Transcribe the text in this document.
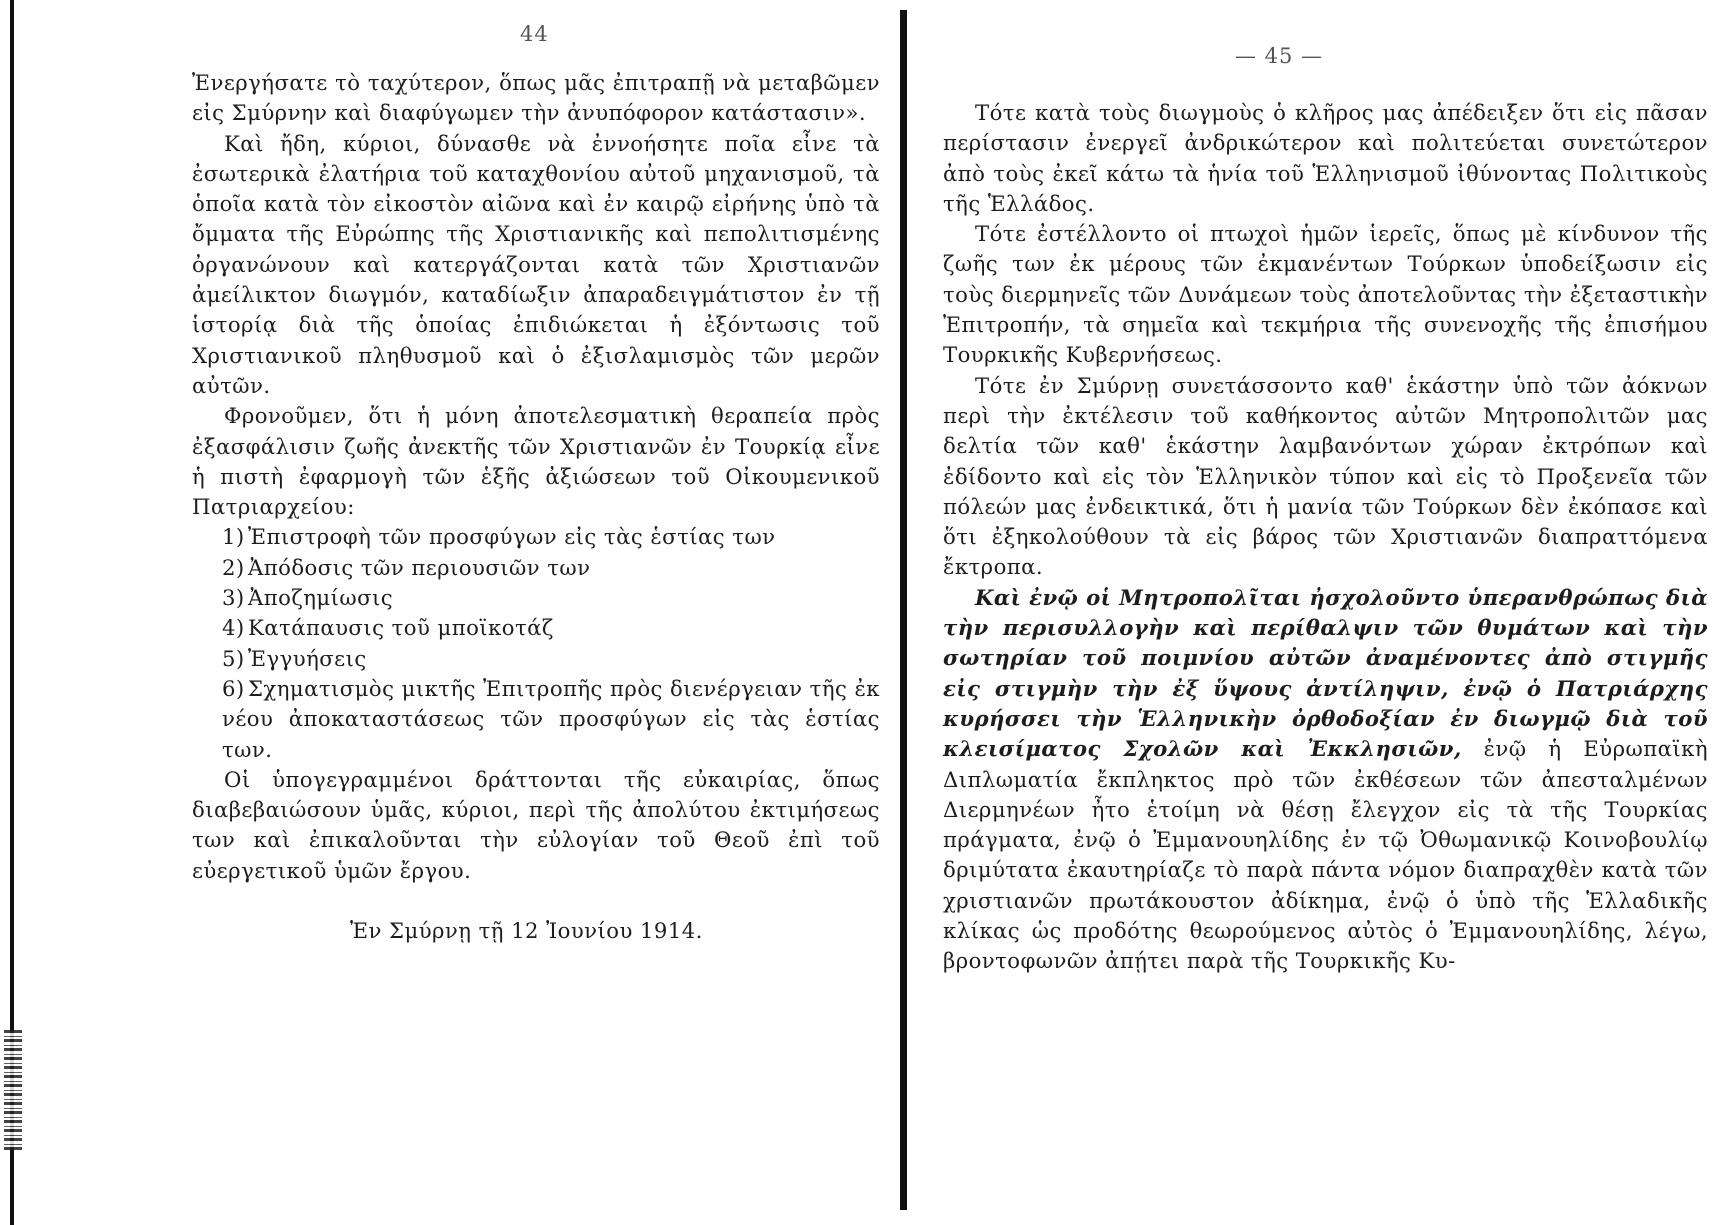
44

Ἐνεργήσατε τὸ ταχύτερον, ὅπως μᾶς ἐπιτραπῇ νὰ μεταβῶμεν εἰς Σμύρνην καὶ διαφύγωμεν τὴν ἀνυπόφορον κατάστασιν».

Καὶ ἤδη, κύριοι, δύνασθε νὰ ἐννοήσητε ποῖα εἶνε τὰ ἐσωτερικὰ ἐλατήρια τοῦ καταχθονίου αὐτοῦ μηχανισμοῦ, τὰ ὁποῖα κατὰ τὸν εἰκοστὸν αἰῶνα καὶ ἐν καιρῷ εἰρήνης ὑπὸ τὰ ὄμματα τῆς Εὐρώπης τῆς Χριστιανικῆς καὶ πεπολιτισμένης ὀργανώνουν καὶ κατεργάζονται κατὰ τῶν Χριστιανῶν ἀμείλικτον διωγμόν, καταδίωξιν ἀπαραδειγμάτιστον ἐν τῇ ἱστορίᾳ διὰ τῆς ὁποίας ἐπιδιώκεται ἡ ἐξόντωσις τοῦ Χριστιανικοῦ πληθυσμοῦ καὶ ὁ ἐξισλαμισμὸς τῶν μερῶν αὐτῶν.

Φρονοῦμεν, ὅτι ἡ μόνη ἀποτελεσματικὴ θεραπεία πρὸς ἐξασφάλισιν ζωῆς ἀνεκτῆς τῶν Χριστιανῶν ἐν Τουρκίᾳ εἶνε ἡ πιστὴ ἐφαρμογὴ τῶν ἑξῆς ἀξιώσεων τοῦ Οἰκουμενικοῦ Πατριαρχείου:

1) Ἐπιστροφὴ τῶν προσφύγων εἰς τὰς ἑστίας των
2) Ἀπόδοσις τῶν περιουσιῶν των
3) Ἀποζημίωσις
4) Κατάπαυσις τοῦ μποϊκοτάζ
5) Ἐγγυήσεις
6) Σχηματισμὸς μικτῆς Ἐπιτροπῆς πρὸς διενέργειαν τῆς ἐκ νέου ἀποκαταστάσεως τῶν προσφύγων εἰς τὰς ἑστίας των.

Οἱ ὑπογεγραμμένοι δράττονται τῆς εὐκαιρίας, ὅπως διαβεβαιώσουν ὑμᾶς, κύριοι, περὶ τῆς ἀπολύτου ἐκτιμήσεως των καὶ ἐπικαλοῦνται τὴν εὐλογίαν τοῦ Θεοῦ ἐπὶ τοῦ εὐεργετικοῦ ὑμῶν ἔργου.

Ἐν Σμύρνῃ τῇ 12 Ἰουνίου 1914.

— 45 —

Τότε κατὰ τοὺς διωγμοὺς ὁ κλῆρος μας ἀπέδειξεν ὅτι εἰς πᾶσαν περίστασιν ἐνεργεῖ ἀνδρικώτερον καὶ πολιτεύεται συνετώτερον ἀπὸ τοὺς ἐκεῖ κάτω τὰ ἡνία τοῦ Ἑλληνισμοῦ ἰθύνοντας Πολιτικοὺς τῆς Ἑλλάδος.

Τότε ἐστέλλοντο οἱ πτωχοὶ ἡμῶν ἱερεῖς, ὅπως μὲ κίνδυνον τῆς ζωῆς των ἐκ μέρους τῶν ἐκμανέντων Τούρκων ὑποδείξωσιν εἰς τοὺς διερμηνεῖς τῶν Δυνάμεων τοὺς ἀποτελοῦντας τὴν ἐξεταστικὴν Ἐπιτροπήν, τὰ σημεῖα καὶ τεκμήρια τῆς συνενοχῆς τῆς ἐπισήμου Τουρκικῆς Κυβερνήσεως.

Τότε ἐν Σμύρνῃ συνετάσσοντο καθ' ἑκάστην ὑπὸ τῶν ἀόκνων περὶ τὴν ἐκτέλεσιν τοῦ καθήκοντος αὐτῶν Μητροπολιτῶν μας δελτία τῶν καθ' ἑκάστην λαμβανόντων χώραν ἐκτρόπων καὶ ἐδίδοντο καὶ εἰς τὸν Ἑλληνικὸν τύπον καὶ εἰς τὸ Προξενεῖα τῶν πόλεών μας ἐνδεικτικά, ὅτι ἡ μανία τῶν Τούρκων δὲν ἐκόπασε καὶ ὅτι ἐξηκολούθουν τὰ εἰς βάρος τῶν Χριστιανῶν διαπραττόμενα ἔκτροπα.

Καὶ ἐνῷ οἱ Μητροπολῖται ἠσχολοῦντο ὑπερανθρώπως διὰ τὴν περισυλλογὴν καὶ περίθαλψιν τῶν θυμάτων καὶ τὴν σωτηρίαν τοῦ ποιμνίου αὐτῶν ἀναμένοντες ἀπὸ στιγμῆς εἰς στιγμὴν τὴν ἐξ ὕψους ἀντίληψιν, ἐνῷ ὁ Πατριάρχης κυρήσσει τὴν Ἑλληνικὴν ὀρθοδοξίαν ἐν διωγμῷ διὰ τοῦ κλεισίματος Σχολῶν καὶ Ἐκκλησιῶν, ἐνῷ ἡ Εὐρωπαϊκὴ Διπλωματία ἔκπληκτος πρὸ τῶν ἐκθέσεων τῶν ἀπεσταλμένων Διερμηνέων ἦτο ἑτοίμη νὰ θέσῃ ἔλεγχον εἰς τὰ τῆς Τουρκίας πράγματα, ἐνῷ ὁ Ἐμμανουηλίδης ἐν τῷ Ὀθωμανικῷ Κοινοβουλίῳ δριμύτατα ἐκαυτηρίαζε τὸ παρὰ πάντα νόμον διαπραχθὲν κατὰ τῶν χριστιανῶν πρωτάκουστον ἀδίκημα, ἐνῷ ὁ ὑπὸ τῆς Ἑλλαδικῆς κλίκας ὡς προδότης θεωρούμενος αὐτὸς ὁ Ἐμμανουηλίδης, λέγω, βροντοφωνῶν ἀπῄτει παρὰ τῆς Τουρκικῆς Κυ-
